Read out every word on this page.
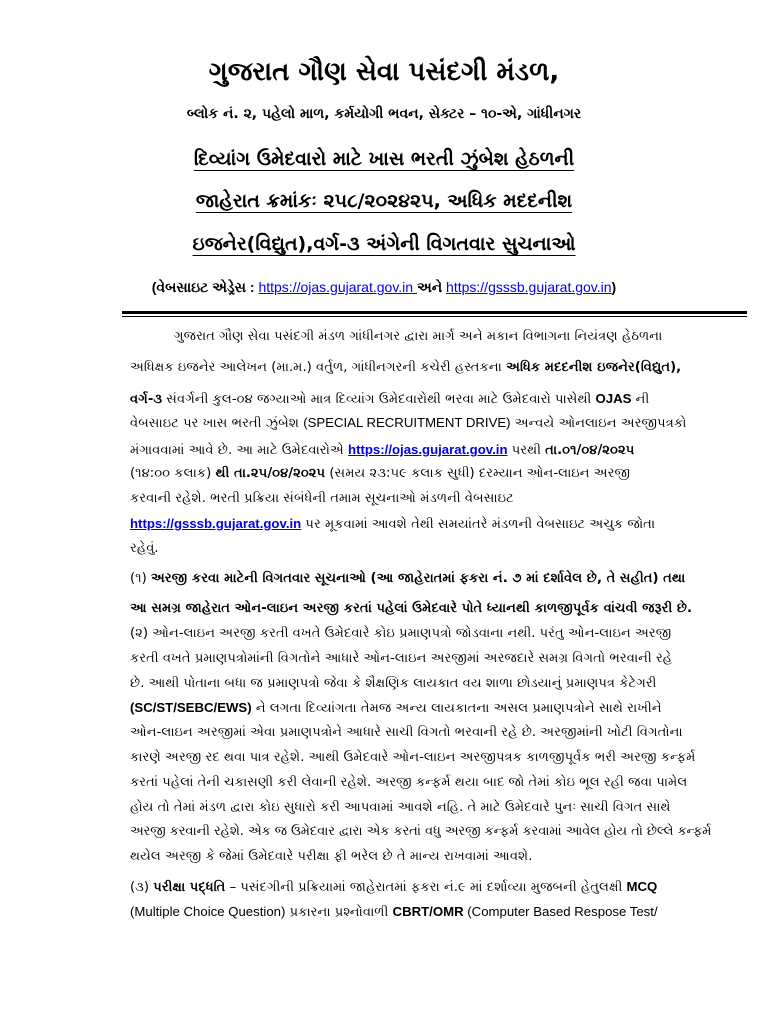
ગુજરાત ગૌણ સેવા પસંદગી મંડળ,
બ્લોક નં. ૨, પહેલો માળ, કર્મયોગી ભવન, સેક્ટર – ૧૦-એ, ગાંધીનગર
દિવ્યાંગ ઉમેદવારો માટે ખાસ ભરતી ઝુંબેશ હેઠળની
જાહેરાત ક્રમાંકઃ ૨૫૮/૨૦૨૪૨૫, અધિક મદદનીશ
ઇજનેર(વિદ્યુત),વર્ગ-૩ અંગેની વિગતવાર સુચનાઓ
(વેબસાઇટ એડ્રેસ : https://ojas.gujarat.gov.in અને https://gsssb.gujarat.gov.in)
ગુજરાત ગૌણ સેવા પસંદગી મંડળ ગાંધીનગર દ્વારા માર્ગ અને મકાન વિભાગના નિયંત્રણ હેઠળના
અધિક્ષક ઇજનેર આલેખન (મા.મ.) વર્તુળ, ગાંધીનગરની કચેરી હસ્તકના અધિક મદદનીશ ઇજનેર(વિદ્યુત),
વર્ગ-૩ સંવર્ગની કુલ-૦૪ જગ્યાઓ માત્ર દિવ્યાંગ ઉમેદવારોથી ભરવા માટે ઉમેદવારો પાસેથી OJAS ની
વેબસાઇટ પર ખાસ ભરતી ઝુંબેશ (SPECIAL RECRUITMENT DRIVE) અન્વયે ઓનલાઇન અરજીપત્રકો
મંગાવવામાં આવે છે. આ માટે ઉમેદવારોએ https://ojas.gujarat.gov.in પરથી તા.૦૧/૦૪/૨૦૨૫
(૧૪:૦૦ કલાક) થી તા.૨૫/૦૪/૨૦૨૫ (સમય ૨૩:૫૯ કલાક સુધી) દરમ્યાન ઓન-લાઇન અરજી
કરવાની રહેશે. ભરતી પ્રક્રિયા સંબંધેની તમામ સૂચનાઓ મંડળની વેબસાઇટ
https://gsssb.gujarat.gov.in પર મૂકવામાં આવશે તેથી સમયાંતરે મંડળની વેબસાઇટ અચુક જોતા
રહેવું.
(૧) અરજી કરવા માટેની વિગતવાર સૂચનાઓ (આ જાહેરાતમાં ફકરા નં. ૭ માં દર્શાવેલ છે, તે સહીત) તથા
આ સમગ્ર જાહેરાત ઓન-લાઇન અરજી કરતાં પહેલાં ઉમેદવારે પોતે ધ્યાનથી કાળજીપૂર્વક વાંચવી જરૂરી છે.
(૨) ઓન-લાઇન અરજી કરતી વખતે ઉમેદવારે કોઇ પ્રમાણપત્રો જોડવાના નથી. પરંતુ ઓન-લાઇન અરજી
કરતી વખતે પ્રમાણપત્રોમાંની વિગતોને આધારે ઓન-લાઇન અરજીમાં અરજદારે સમગ્ર વિગતો ભરવાની રહે
છે. આથી પોતાના બધા જ પ્રમાણપત્રો જેવા કે શૈક્ષણિક લાયકાત વય શાળા છોડયાનું પ્રમાણપત્ર કેટેગરી
(SC/ST/SEBC/EWS) ને લગતા દિવ્યાંગતા તેમજ અન્ય લાયકાતના અસલ પ્રમાણપત્રોને સાથે રાખીને
ઓન-લાઇન અરજીમાં એવા પ્રમાણપત્રોને આધારે સાચી વિગતો ભરવાની રહે છે. અરજીમાંની ખોટી વિગતોના
કારણે અરજી રદ થવા પાત્ર રહેશે. આથી ઉમેદવારે ઓન-લાઇન અરજીપત્રક કાળજીપૂર્વક ભરી અરજી કન્ફર્મ
કરતાં પહેલાં તેની ચકાસણી કરી લેવાની રહેશે. અરજી કન્ફર્મ થયા બાદ જો તેમાં કોઇ ભૂલ રહી જવા પામેલ
હોય તો તેમાં મંડળ દ્વારા કોઇ સુધારો કરી આપવામાં આવશે નહિ. તે માટે ઉમેદવારે પુનઃ સાચી વિગત સાથે
અરજી કરવાની રહેશે. એક જ ઉમેદવાર દ્વારા એક કરતાં વધુ અરજી કન્ફર્મ કરવામાં આવેલ હોય તો છેલ્લે કન્ફર્મ
થયેલ અરજી કે જેમાં ઉમેદવારે પરીક્ષા ફી ભરેલ છે તે માન્ય રાખવામાં આવશે.
(૩) પરીક્ષા પદ્ધતિ – પસંદગીની પ્રક્રિયામાં જાહેરાતમાં ફકરા નં.૯ માં દર્શાવ્યા મુજબની હેતુલક્ષી MCQ
(Multiple Choice Question) પ્રકારના પ્રશ્નોવાળી CBRT/OMR (Computer Based Respose Test/
